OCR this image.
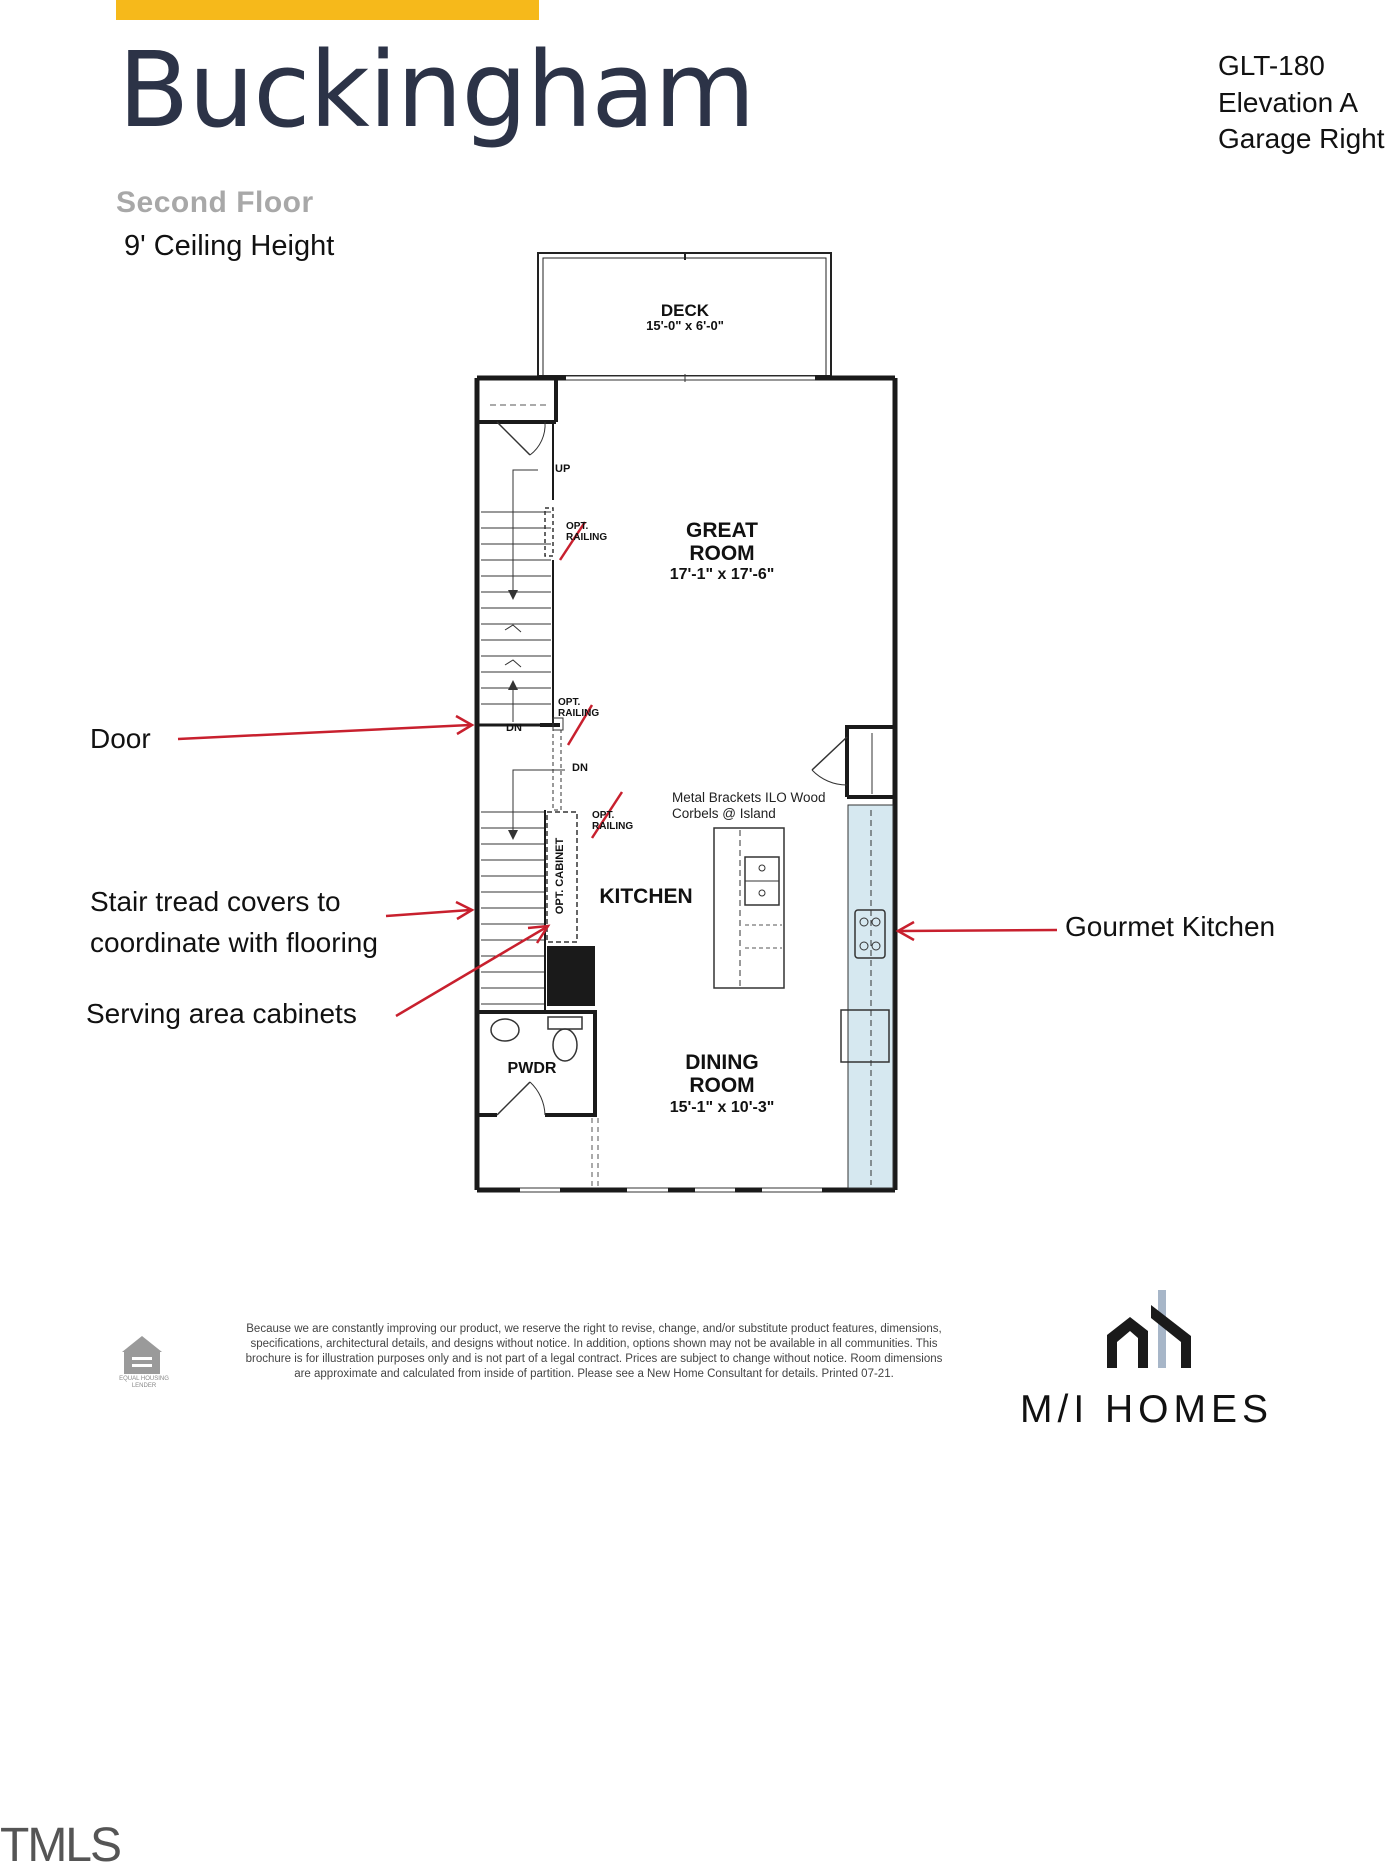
Buckingham
Second Floor
9' Ceiling Height
GLT-180
Elevation A
Garage Right
DECK
15'-0" x 6'-0"
GREAT
ROOM
17'-1" x 17'-6"
KITCHEN
DINING
ROOM
15'-1" x 10'-3"
PWDR
UP
DN
DN
OPT.
RAILING
OPT.
RAILING
OPT.
RAILING
OPT. CABINET
Metal Brackets ILO Wood
Corbels @ Island
Door
Stair tread covers to
coordinate with flooring
Serving area cabinets
Gourmet Kitchen
EQUAL HOUSING
LENDER
Because we are constantly improving our product, we reserve the right to revise, change, and/or substitute product features, dimensions, specifications, architectural details, and designs without notice. In addition, options shown may not be available in all communities. This brochure is for illustration purposes only and is not part of a legal contract. Prices are subject to change without notice. Room dimensions are approximate and calculated from inside of partition. Please see a New Home Consultant for details. Printed 07-21.
M/I HOMES
TMLS
